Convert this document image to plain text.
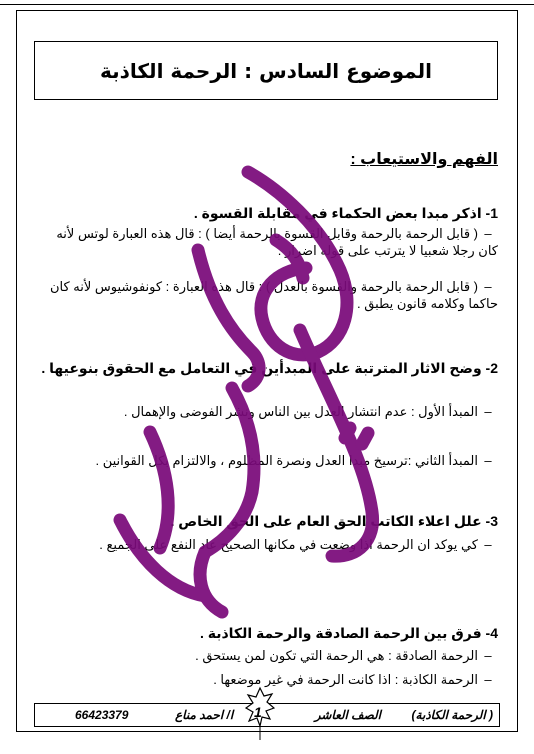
الموضوع السادس : الرحمة الكاذبة
الفهم والاستيعاب :
1- اذكر مبدا بعض الحكماء في مقابلة القسوة .
–( قابل الرحمة بالرحمة وقابل القسوة بالرحمة أيضا ) : قال هذه العبارة لوتس لأنه كان رجلا شعبيا لا يترتب على قوله اضرار .
–( قابل الرحمة بالرحمة والقسوة بالعدل ) : قال هذه العبارة : كونفوشيوس لأنه كان حاكما وكلامه قانون يطبق .
2- وضح الاثار المترتبة على المبدأين في التعامل مع الحقوق بنوعيها .
–المبدأ الأول : عدم انتشار العدل بين الناس ونشر الفوضى والإهمال .
–المبدأ الثاني :ترسيخ مبدا العدل ونصرة المظلوم ، والالتزام بكل القوانين .
3- علل اعلاء الكاتب الحق العام على الحق الخاص .
–كي يوكد ان الرحمة اذا وضعت في مكانها الصحيح عاد النفع على الجميع .
4- فرق بين الرحمة الصادقة والرحمة الكاذبة .
–الرحمة الصادقة : هي الرحمة التي تكون لمن يستحق .
–الرحمة الكاذبة : اذا كانت الرحمة في غير موضعها .
( الرحمة الكاذبة)
الصف العاشر
ا/ احمد مناع
66423379	1
